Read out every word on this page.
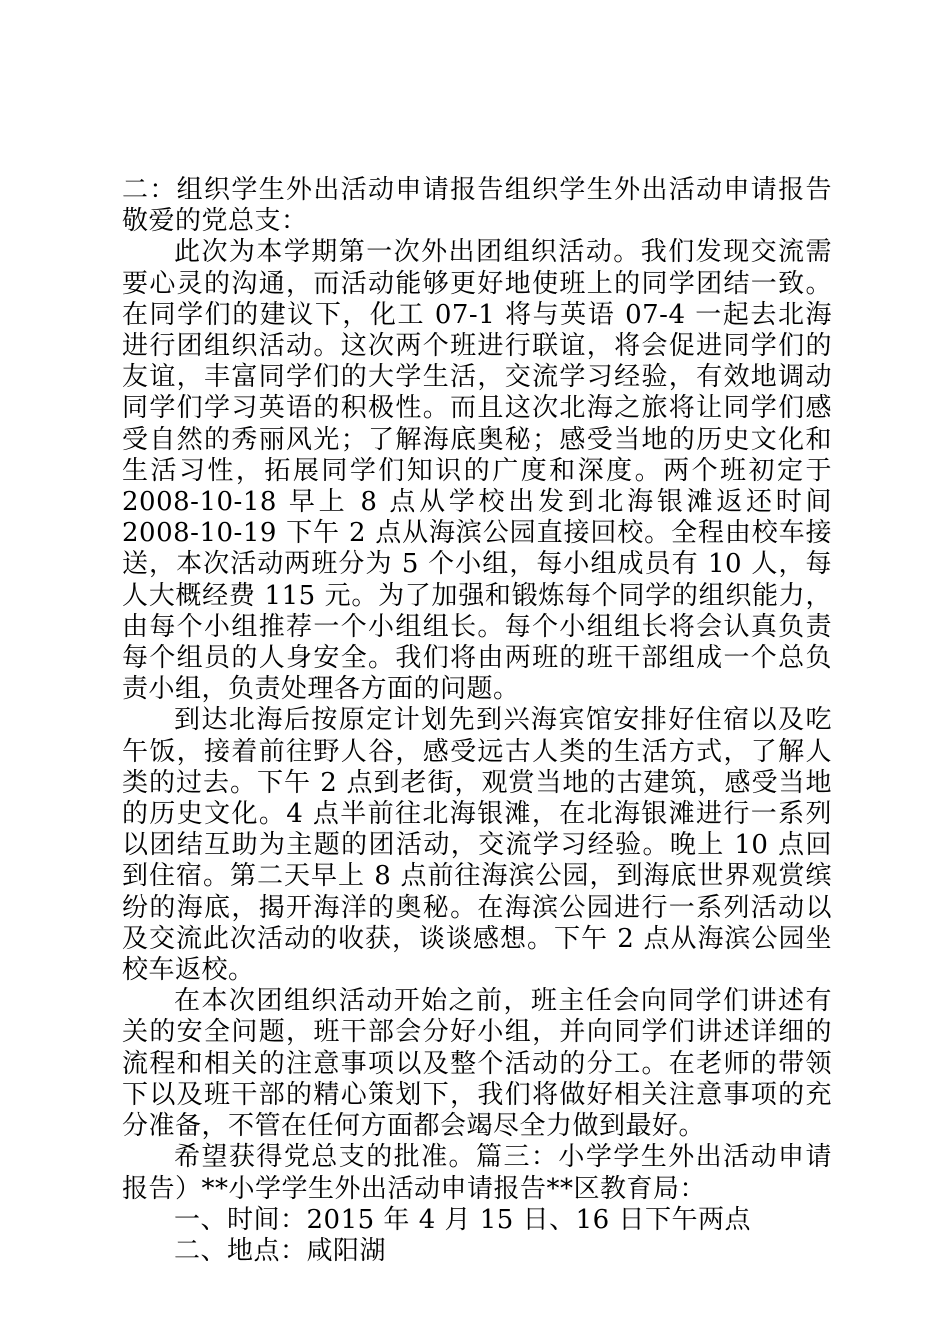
二：组织学生外出活动申请报告组织学生外出活动申请报告敬爱的党总支：

此次为本学期第一次外出团组织活动。我们发现交流需要心灵的沟通，而活动能够更好地使班上的同学团结一致。在同学们的建议下，化工 07-1 将与英语 07-4 一起去北海进行团组织活动。这次两个班进行联谊，将会促进同学们的友谊，丰富同学们的大学生活，交流学习经验，有效地调动同学们学习英语的积极性。而且这次北海之旅将让同学们感受自然的秀丽风光；了解海底奥秘；感受当地的历史文化和生活习性，拓展同学们知识的广度和深度。两个班初定于 2008-10-18 早上 8 点从学校出发到北海银滩返还时间 2008-10-19 下午 2 点从海滨公园直接回校。全程由校车接送，本次活动两班分为 5 个小组，每小组成员有 10 人，每人大概经费 115 元。为了加强和锻炼每个同学的组织能力，由每个小组推荐一个小组组长。每个小组组长将会认真负责每个组员的人身安全。我们将由两班的班干部组成一个总负责小组，负责处理各方面的问题。

到达北海后按原定计划先到兴海宾馆安排好住宿以及吃午饭，接着前往野人谷，感受远古人类的生活方式，了解人类的过去。下午 2 点到老街，观赏当地的古建筑，感受当地的历史文化。4 点半前往北海银滩，在北海银滩进行一系列以团结互助为主题的团活动，交流学习经验。晚上 10 点回到住宿。第二天早上 8 点前往海滨公园，到海底世界观赏缤纷的海底，揭开海洋的奥秘。在海滨公园进行一系列活动以及交流此次活动的收获，谈谈感想。下午 2 点从海滨公园坐校车返校。

在本次团组织活动开始之前，班主任会向同学们讲述有关的安全问题，班干部会分好小组，并向同学们讲述详细的流程和相关的注意事项以及整个活动的分工。在老师的带领下以及班干部的精心策划下，我们将做好相关注意事项的充分准备，不管在任何方面都会竭尽全力做到最好。

希望获得党总支的批准。篇三：小学学生外出活动申请报告）**小学学生外出活动申请报告**区教育局：

一、时间：2015 年 4 月 15 日、16 日下午两点

二、地点：咸阳湖
